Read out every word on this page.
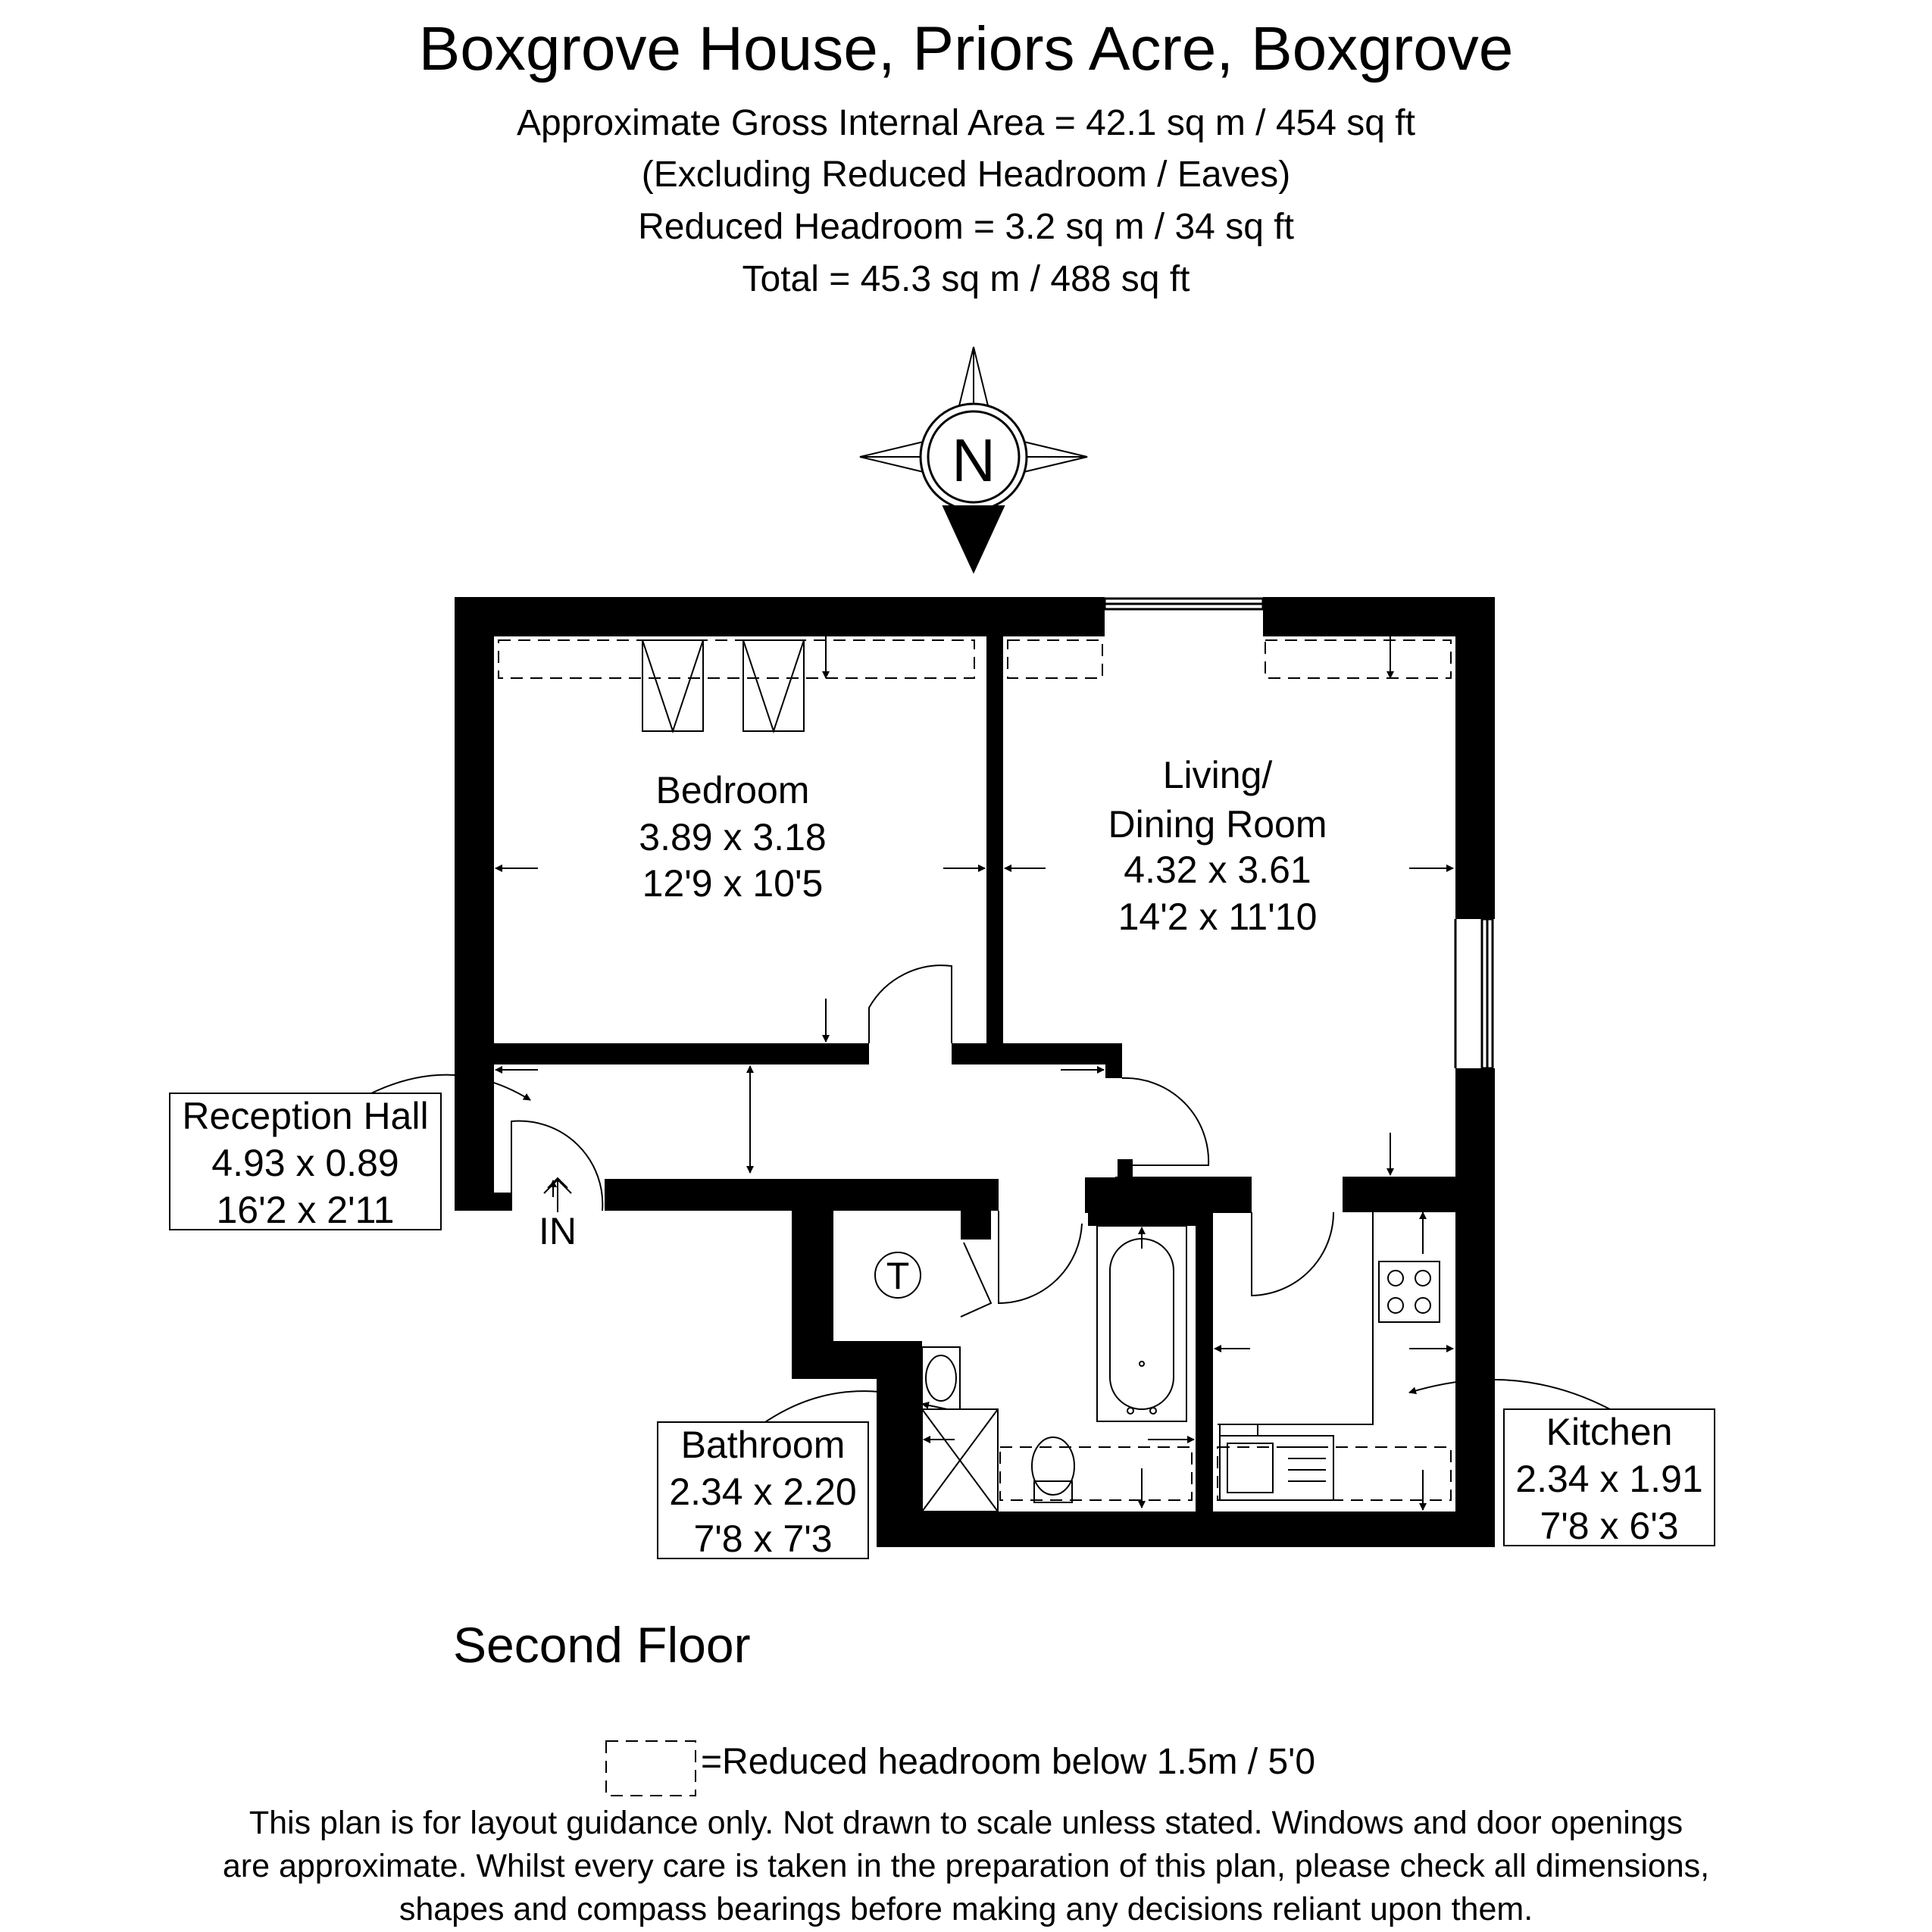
Boxgrove House, Priors Acre, Boxgrove
Approximate Gross Internal Area = 42.1 sq m / 454 sq ft
(Excluding Reduced Headroom / Eaves)
Reduced Headroom = 3.2 sq m / 34 sq ft
Total = 45.3 sq m / 488 sq ft
N
Bedroom
3.89 x 3.18
12'9 x 10'5
Living/
Dining Room
4.32 x 3.61
14'2 x 11'10
Reception Hall
4.93 x 0.89
16'2 x 2'11
Bathroom
2.34 x 2.20
7'8 x 7'3
Kitchen
2.34 x 1.91
7'8 x 6'3
IN
T
Second Floor
=Reduced headroom below 1.5m / 5'0
This plan is for layout guidance only. Not drawn to scale unless stated. Windows and door openings
are approximate. Whilst every care is taken in the preparation of this plan, please check all dimensions,
shapes and compass bearings before making any decisions reliant upon them.
